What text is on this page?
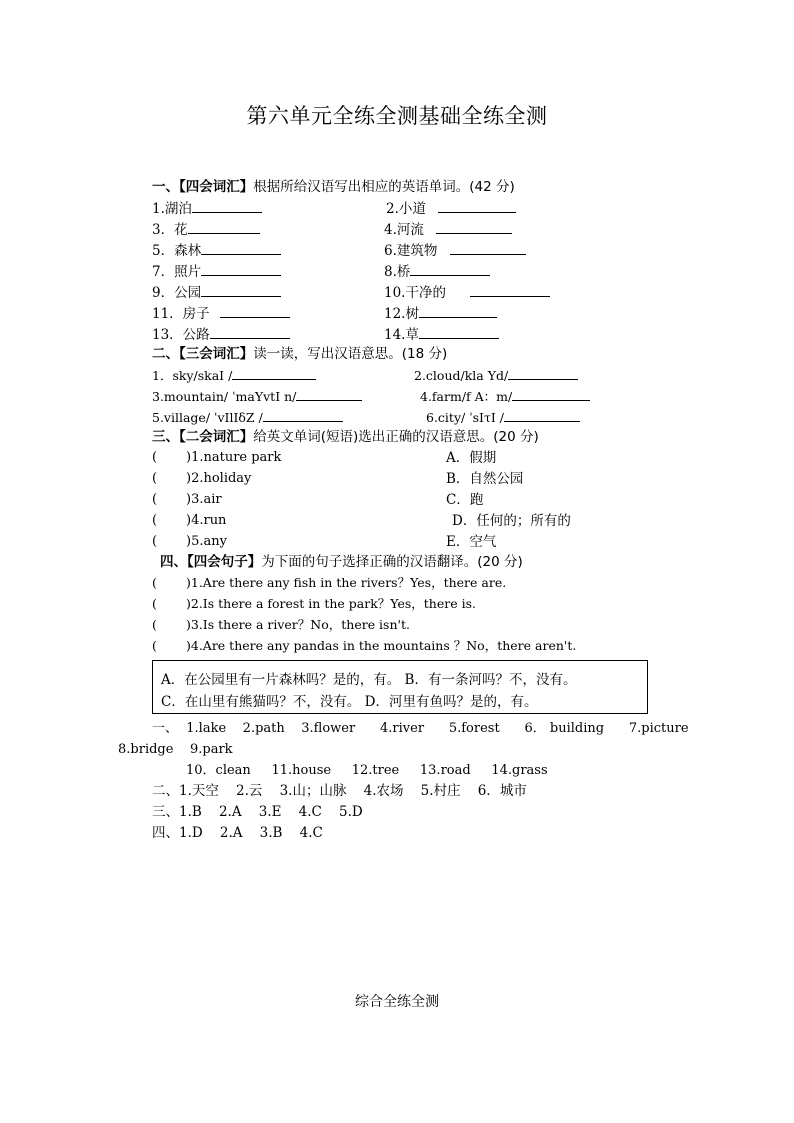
第六单元全练全测基础全练全测
一、【四会词汇】根据所给汉语写出相应的英语单词。(42 分)
1.湖泊	2.小道
3．花	4.河流
5．森林	6.建筑物
7．照片	8.桥
9．公园	10.干净的
11．房子	12.树
13．公路	14.草
二、【三会词汇】读一读，写出汉语意思。(18 分)
1．sky/skaI /	2.cloud/kla Yd/
3.mountain/ ˈmaYvtI n/	4.farm/f A：m/
5.village/ ˈvIlIδZ /	6.city/ ˈsIτI /
三、【二会词汇】给英文单词(短语)选出正确的汉语意思。(20 分)
( )1.nature park	A．假期
( )2.holiday	B．自然公园
( )3.air	C．跑
( )4.run	D．任何的；所有的
( )5.any	E．空气
四、【四会句子】为下面的句子选择正确的汉语翻译。(20 分)
( )1.Are there any fish in the rivers？Yes，there are.
( )2.Is there a forest in the park？Yes，there is.
( )3.Is there a river？No，there isn't.
( )4.Are there any pandas in the mountains ？No，there aren't.
A．在公园里有一片森林吗？是的，有。 B．有一条河吗？不，没有。
C．在山里有熊猫吗？不，没有。 D．河里有鱼吗？是的，有。
一、  1.lake    2.path    3.flower      4.river      5.forest      6． building      7.picture
8.bridge    9.park
10．clean     11.house     12.tree     13.road     14.grass
二、1.天空    2.云    3.山；山脉    4.农场    5.村庄    6．城市
三、1.B    2.A    3.E    4.C    5.D
四、1.D    2.A    3.B    4.C
综合全练全测
